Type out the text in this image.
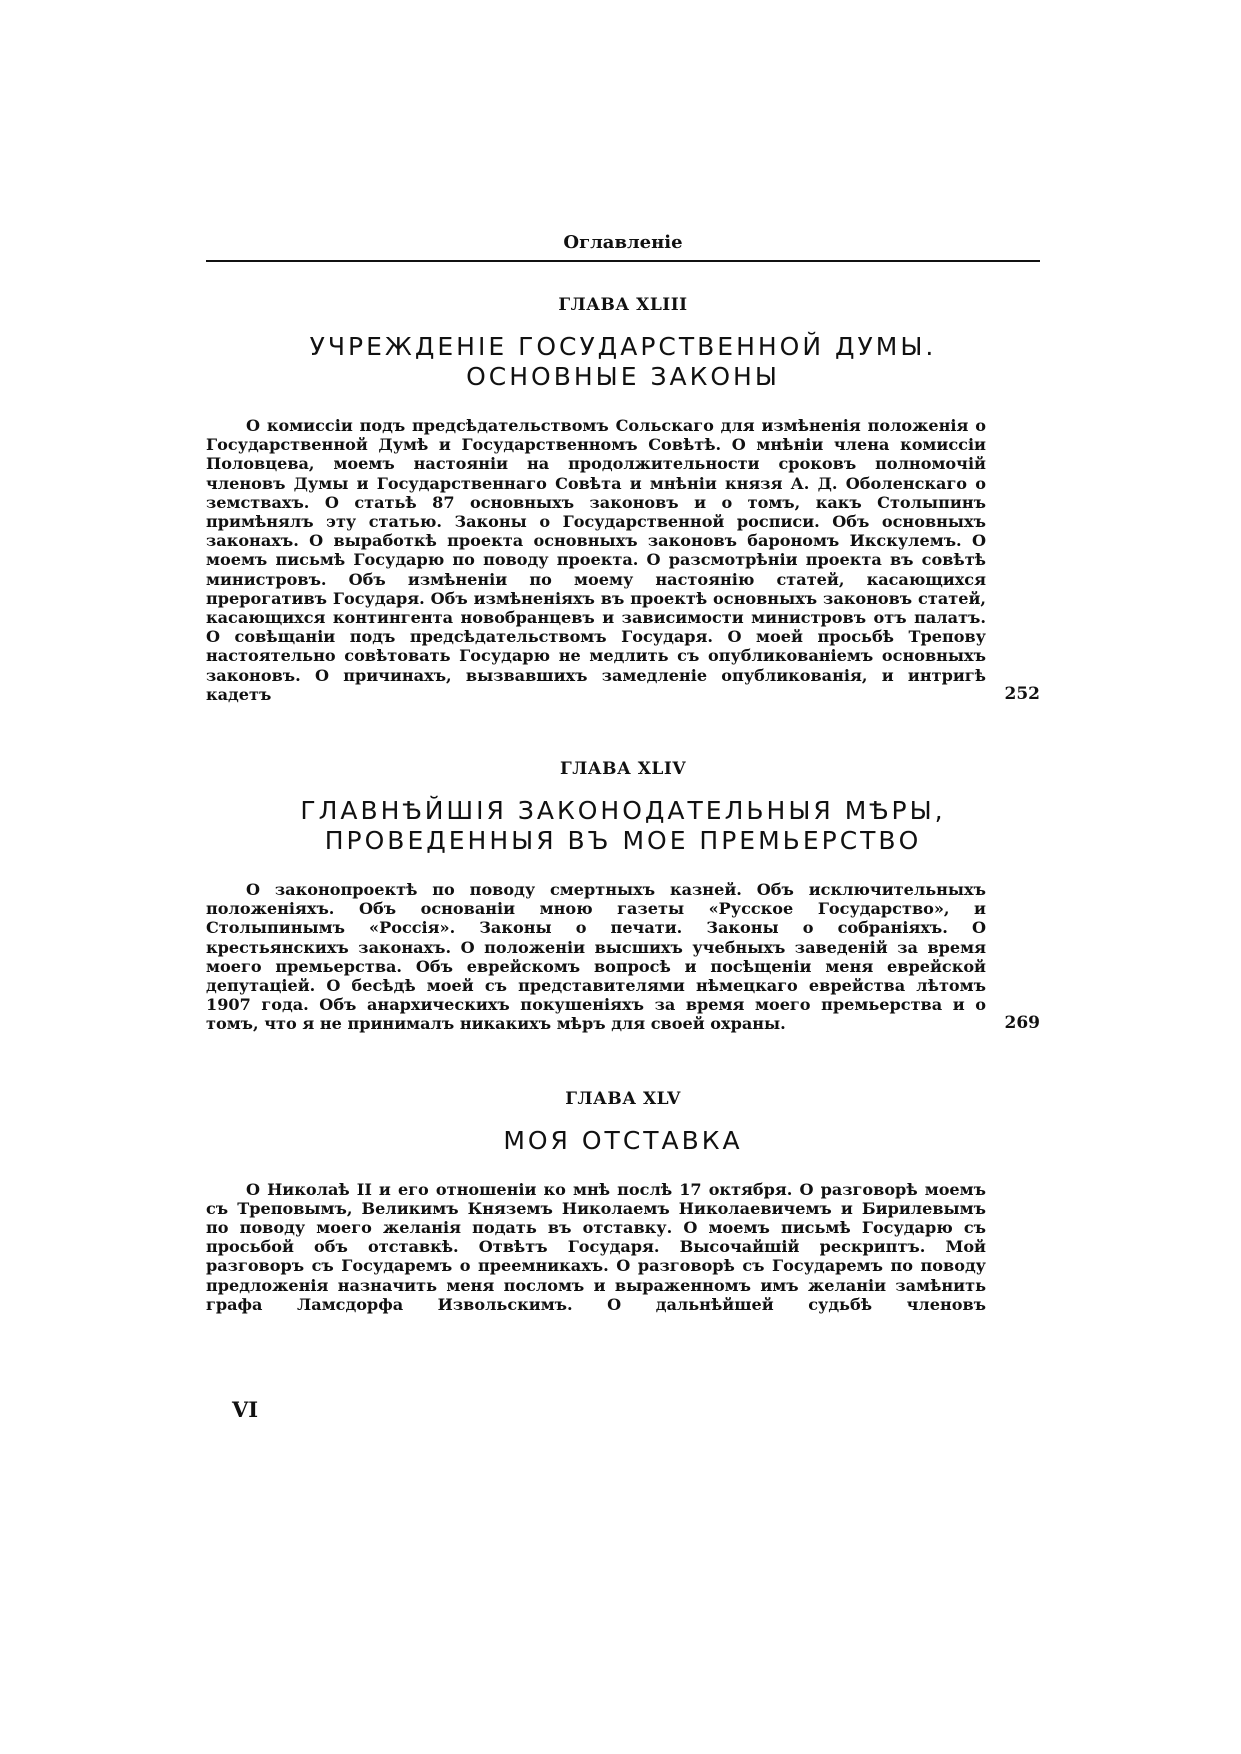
Оглавленіе
ГЛАВА XLIII
УЧРЕЖДЕНІЕ ГОСУДАРСТВЕННОЙ ДУМЫ.
ОСНОВНЫЕ ЗАКОНЫ

О комиссіи подъ предсѣдательствомъ Сольскаго для измѣненія положенія о Государственной Думѣ и Государственномъ Совѣтѣ. О мнѣніи члена комиссіи Половцева, моемъ настояніи на продолжительности сроковъ полномочій членовъ Думы и Государственнаго Совѣта и мнѣніи князя А. Д. Оболенскаго о земствахъ. О статьѣ 87 основныхъ законовъ и о томъ, какъ Столыпинъ примѣнялъ эту статью. Законы о Государственной росписи. Объ основныхъ законахъ. О выработкѣ проекта основныхъ законовъ барономъ Икскулемъ. О моемъ письмѣ Государю по поводу проекта. О разсмотрѣніи проекта въ совѣтѣ министровъ. Объ измѣненіи по моему настоянію статей, касающихся прерогативъ Государя. Объ измѣненіяхъ въ проектѣ основныхъ законовъ статей, касающихся контингента новобранцевъ и зависимости министровъ отъ палатъ. О совѣщаніи подъ предсѣдательствомъ Государя. О моей просьбѣ Трепову настоятельно совѣтовать Государю не медлить съ опубликованіемъ основныхъ законовъ. О причинахъ, вызвавшихъ замедленіе опубликованія, и интригѣ кадетъ	252
ГЛАВА XLIV
ГЛАВНѢЙШІЯ ЗАКОНОДАТЕЛЬНЫЯ МѢРЫ,
ПРОВЕДЕННЫЯ ВЪ МОЕ ПРЕМЬЕРСТВО

О законопроектѣ по поводу смертныхъ казней. Объ исключительныхъ положеніяхъ. Объ основаніи мною газеты «Русское Государство», и Столыпинымъ «Россія». Законы о печати. Законы о собраніяхъ. О крестьянскихъ законахъ. О положеніи высшихъ учебныхъ заведеній за время моего премьерства. Объ еврейскомъ вопросѣ и посѣщеніи меня еврейской депутаціей. О бесѣдѣ моей съ представителями нѣмецкаго еврейства лѣтомъ 1907 года. Объ анархическихъ покушеніяхъ за время моего премьерства и о томъ, что я не принималъ никакихъ мѣръ для своей охраны.	269
ГЛАВА XLV
МОЯ ОТСТАВКА

О Николаѣ II и его отношеніи ко мнѣ послѣ 17 октября. О разговорѣ моемъ съ Треповымъ, Великимъ Княземъ Николаемъ Николаевичемъ и Бирилевымъ по поводу моего желанія подать въ отставку. О моемъ письмѣ Государю съ просьбой объ отставкѣ. Отвѣтъ Государя. Высочайшій рескриптъ. Мой разговоръ съ Государемъ о преемникахъ. О разговорѣ съ Государемъ по поводу предложенія назначить меня посломъ и выраженномъ имъ желаніи замѣнить графа Ламсдорфа Извольскимъ. О дальнѣйшей судьбѣ членовъ

VI
